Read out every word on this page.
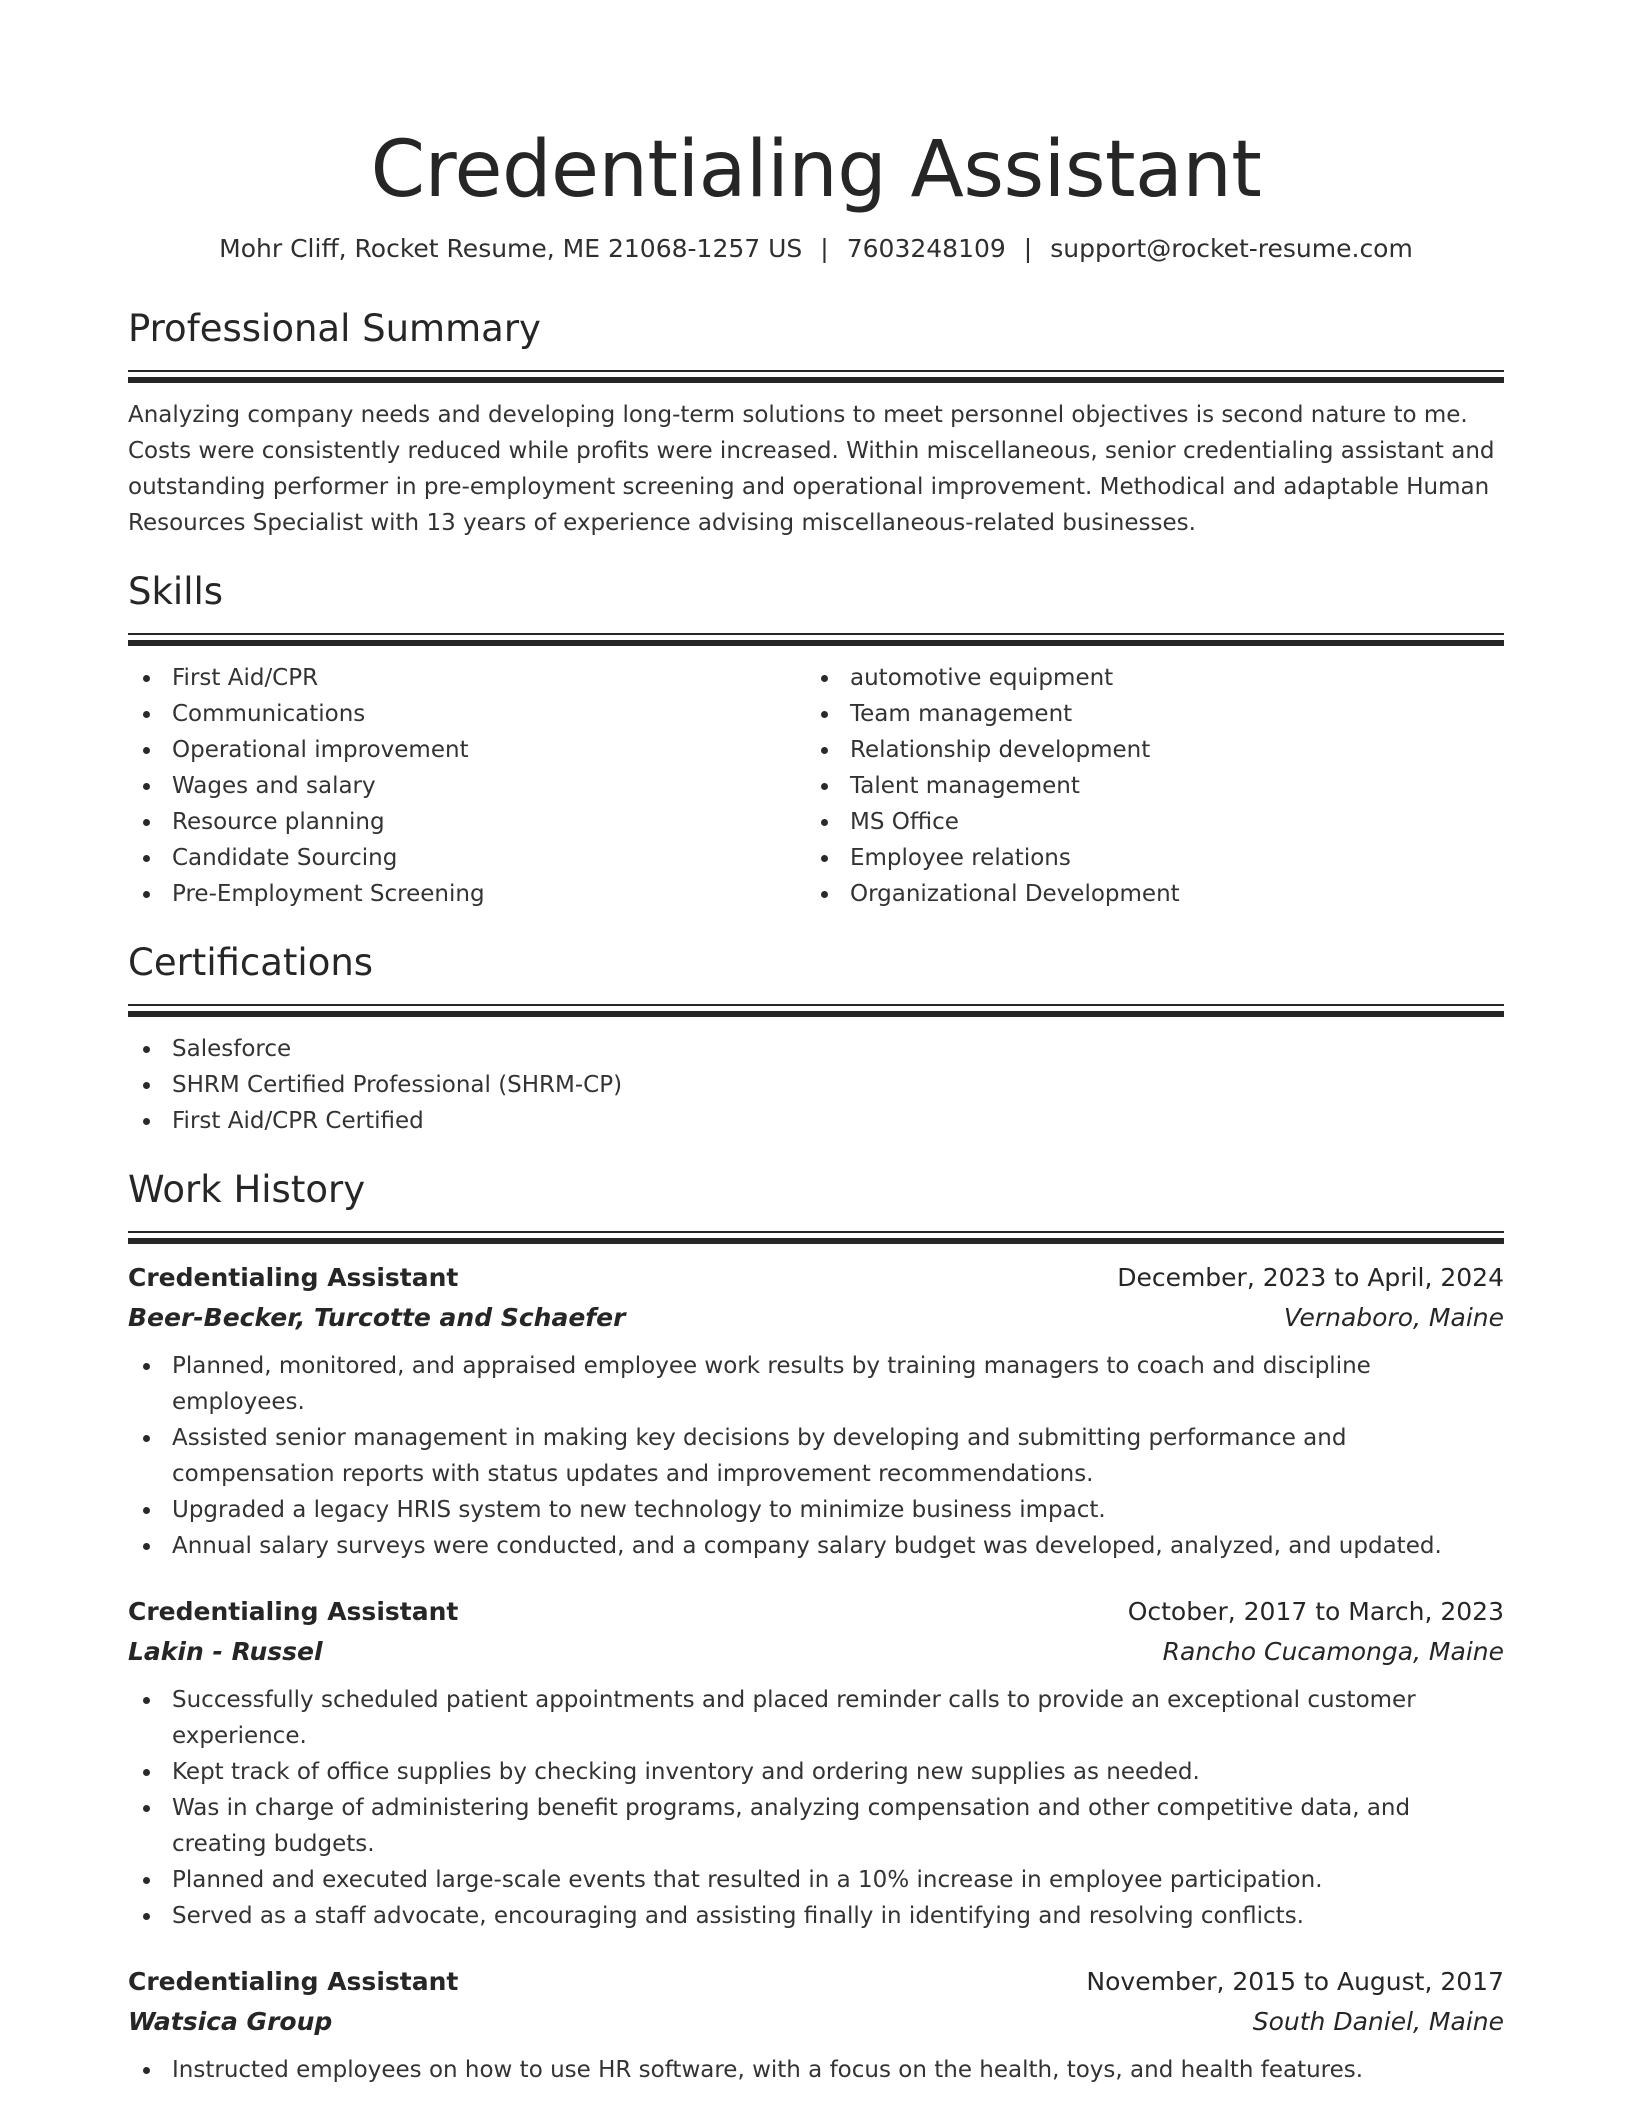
Credentialing Assistant
Mohr Cliff, Rocket Resume, ME 21068-1257 US | 7603248109 | support@rocket-resume.com
Professional Summary

Analyzing company needs and developing long-term solutions to meet personnel objectives is second nature to me. Costs were consistently reduced while profits were increased. Within miscellaneous, senior credentialing assistant and outstanding performer in pre-employment screening and operational improvement. Methodical and adaptable Human Resources Specialist with 13 years of experience advising miscellaneous-related businesses.

Skills
First Aid/CPR
Communications
Operational improvement
Wages and salary
Resource planning
Candidate Sourcing
Pre-Employment Screening
automotive equipment
Team management
Relationship development
Talent management
MS Office
Employee relations
Organizational Development
Certifications
Salesforce
SHRM Certified Professional (SHRM-CP)
First Aid/CPR Certified
Work History
Credentialing Assistant	December, 2023 to April, 2024
Beer-Becker, Turcotte and Schaefer	Vernaboro, Maine
Planned, monitored, and appraised employee work results by training managers to coach and discipline employees.
Assisted senior management in making key decisions by developing and submitting performance and compensation reports with status updates and improvement recommendations.
Upgraded a legacy HRIS system to new technology to minimize business impact.
Annual salary surveys were conducted, and a company salary budget was developed, analyzed, and updated.
Credentialing Assistant	October, 2017 to March, 2023
Lakin - Russel	Rancho Cucamonga, Maine
Successfully scheduled patient appointments and placed reminder calls to provide an exceptional customer experience.
Kept track of office supplies by checking inventory and ordering new supplies as needed.
Was in charge of administering benefit programs, analyzing compensation and other competitive data, and creating budgets.
Planned and executed large-scale events that resulted in a 10% increase in employee participation.
Served as a staff advocate, encouraging and assisting finally in identifying and resolving conflicts.
Credentialing Assistant	November, 2015 to August, 2017
Watsica Group	South Daniel, Maine
Instructed employees on how to use HR software, with a focus on the health, toys, and health features.
